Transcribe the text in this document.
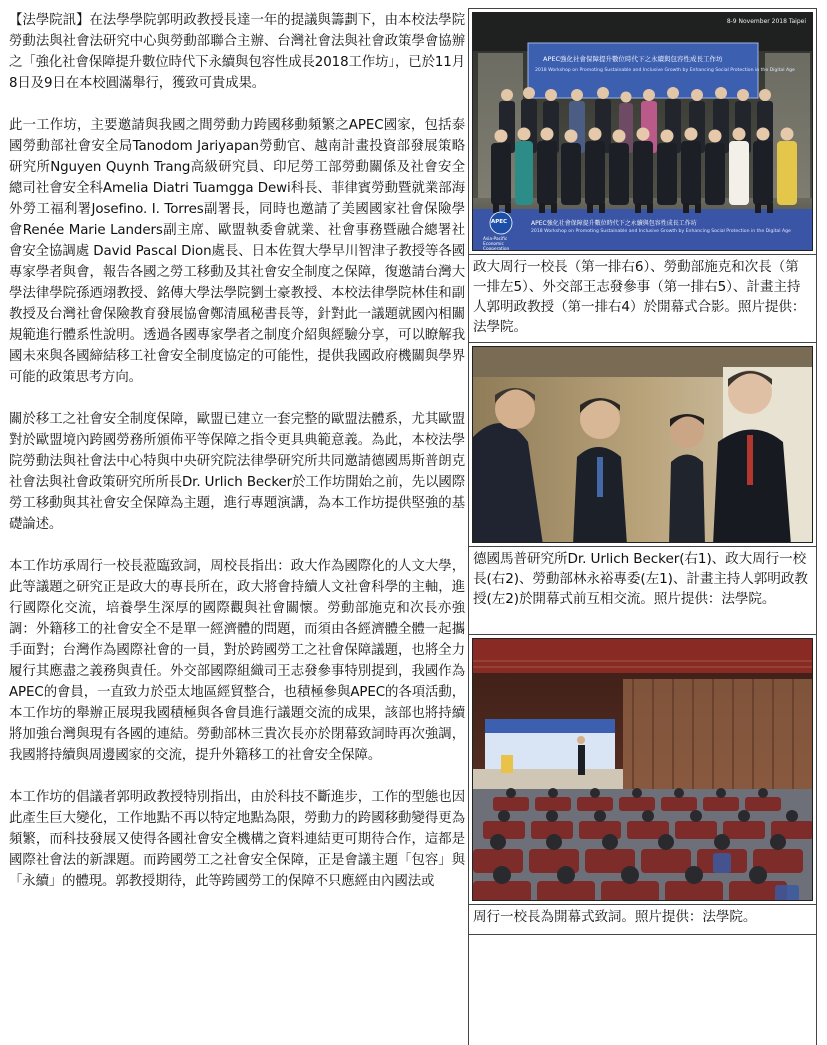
【法學院訊】在法學學院郭明政教授長達一年的提議與籌劃下，由本校法學院勞動法與社會法研究中心與勞動部聯合主辦、台灣社會法與社會政策學會協辦之「強化社會保障提升數位時代下永續與包容性成長2018工作坊」，已於11月8日及9日在本校圓滿舉行，獲致可貴成果。

此一工作坊，主要邀請與我國之間勞動力跨國移動頻繁之APEC國家，包括泰國勞動部社會安全局Tanodom Jariyapan勞動官、越南計畫投資部發展策略研究所Nguyen Quynh Trang高級研究員、印尼勞工部勞動關係及社會安全總司社會安全科Amelia Diatri Tuamgga Dewi科長、菲律賓勞動暨就業部海外勞工福利署Josefino. I. Torres副署長，同時也邀請了美國國家社會保險學會Renée Marie Landers副主席、歐盟執委會就業、社會事務暨融合總署社會安全協調處 David Pascal Dion處長、日本佐賀大學早川智津子教授等各國專家學者與會，報告各國之勞工移動及其社會安全制度之保障，復邀請台灣大學法律學院孫迺翊教授、銘傳大學法學院劉士豪教授、本校法律學院林佳和副教授及台灣社會保險教育發展協會鄭清風秘書長等，針對此一議題就國內相關規範進行體系性說明。透過各國專家學者之制度介紹與經驗分享，可以瞭解我國未來與各國締結移工社會安全制度協定的可能性，提供我國政府機關與學界可能的政策思考方向。

關於移工之社會安全制度保障，歐盟已建立一套完整的歐盟法體系，尤其歐盟對於歐盟境內跨國勞務所頒佈平等保障之指令更具典範意義。為此，本校法學院勞動法與社會法中心特與中央研究院法律學研究所共同邀請德國馬斯普朗克社會法與社會政策研究所所長Dr. Urlich Becker於工作坊開始之前，先以國際勞工移動與其社會安全保障為主題，進行專題演講，為本工作坊提供堅強的基礎論述。

本工作坊承周行一校長蒞臨致詞，周校長指出：政大作為國際化的人文大學，此等議題之研究正是政大的專長所在，政大將會持續人文社會科學的主軸，進行國際化交流，培養學生深厚的國際觀與社會關懷。勞動部施克和次長亦強調：外籍移工的社會安全不是單一經濟體的問題，而須由各經濟體全體一起攜手面對；台灣作為國際社會的一員，對於跨國勞工之社會保障議題，也將全力履行其應盡之義務與責任。外交部國際組織司王志發參事特別提到，我國作為APEC的會員，一直致力於亞太地區經貿整合，也積極參與APEC的各項活動，本工作坊的舉辦正展現我國積極與各會員進行議題交流的成果，該部也將持續將加強台灣與現有各國的連結。勞動部林三貴次長亦於閉幕致詞時再次強調，我國將持續與周邊國家的交流，提升外籍移工的社會安全保障。

本工作坊的倡議者郭明政教授特別指出，由於科技不斷進步，工作的型態也因此產生巨大變化，工作地點不再以特定地點為限，勞動力的跨國移動變得更為頻繁，而科技發展又使得各國社會安全機構之資料連結更可期待合作，這都是國際社會法的新課題。而跨國勞工之社會安全保障，正是會議主題「包容」與「永續」的體現。郭教授期待，此等跨國勞工的保障不只應經由內國法或

8-9 November 2018 Taipei
APEC強化社會保障提升數位時代下之永續與包容性成長工作坊
2018 Workshop on Promoting Sustainable and Inclusive Growth by Enhancing Social Protection in the Digital Age
APEC強化社會保障提升數位時代下之永續與包容性成長工作坊
2018 Workshop on Promoting Sustainable and Inclusive Growth by Enhancing Social Protection in the Digital Age
APEC
Asia-Pacific Economic Cooperation
政大周行一校長（第一排右6）、勞動部施克和次長（第一排左5）、外交部王志發參事（第一排右5）、計畫主持人郭明政教授（第一排右4）於開幕式合影。照片提供：法學院。
德國馬普研究所Dr. Urlich Becker(右1)、政大周行一校長(右2)、勞動部林永裕專委(左1)、計畫主持人郭明政教授(左2)於開幕式前互相交流。照片提供：法學院。
周行一校長為開幕式致詞。照片提供：法學院。
